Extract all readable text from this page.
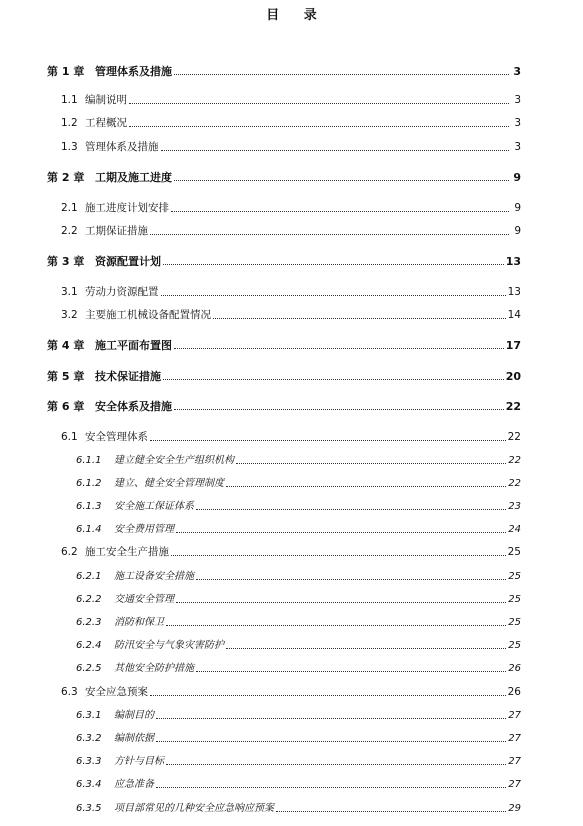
目 录
第 1 章 管理体系及措施	3
1.1 编制说明	3
1.2 工程概况	3
1.3 管理体系及措施	3
第 2 章 工期及施工进度	9
2.1 施工进度计划安排	9
2.2 工期保证措施	9
第 3 章 资源配置计划	13
3.1 劳动力资源配置	13
3.2 主要施工机械设备配置情况	14
第 4 章 施工平面布置图	17
第 5 章 技术保证措施	20
第 6 章 安全体系及措施	22
6.1 安全管理体系	22
6.1.1	建立健全安全生产组织机构	22
6.1.2	建立、健全安全管理制度	22
6.1.3	安全施工保证体系	23
6.1.4	安全费用管理	24
6.2 施工安全生产措施	25
6.2.1	施工设备安全措施	25
6.2.2	交通安全管理	25
6.2.3	消防和保卫	25
6.2.4	防汛安全与气象灾害防护	25
6.2.5	其他安全防护措施	26
6.3 安全应急预案	26
6.3.1	编制目的	27
6.3.2	编制依据	27
6.3.3	方针与目标	27
6.3.4	应急准备	27
6.3.5	项目部常见的几种安全应急响应预案	29
